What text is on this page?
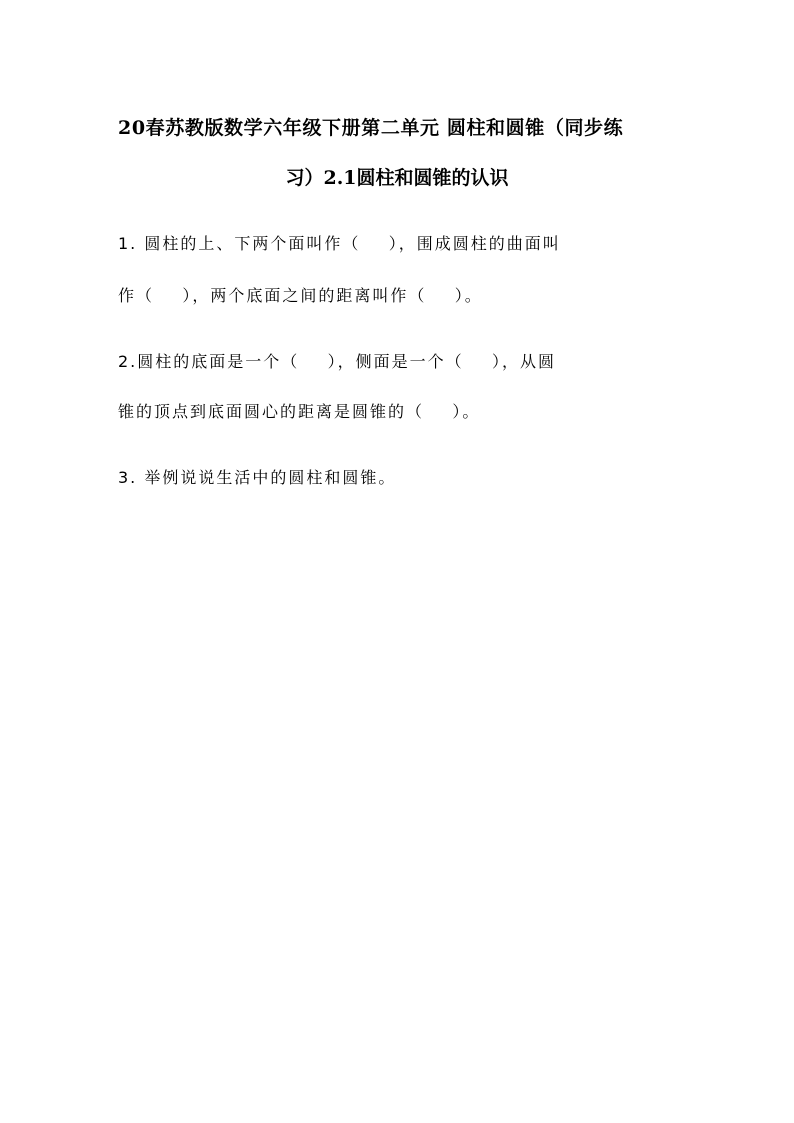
20春苏教版数学六年级下册第二单元 圆柱和圆锥（同步练
习）2.1圆柱和圆锥的认识
1. 圆柱的上、下两个面叫作（    ），围成圆柱的曲面叫
作（    ），两个底面之间的距离叫作（    ）。
2.圆柱的底面是一个（    ），侧面是一个（    ），从圆
锥的顶点到底面圆心的距离是圆锥的（    ）。
3. 举例说说生活中的圆柱和圆锥。
